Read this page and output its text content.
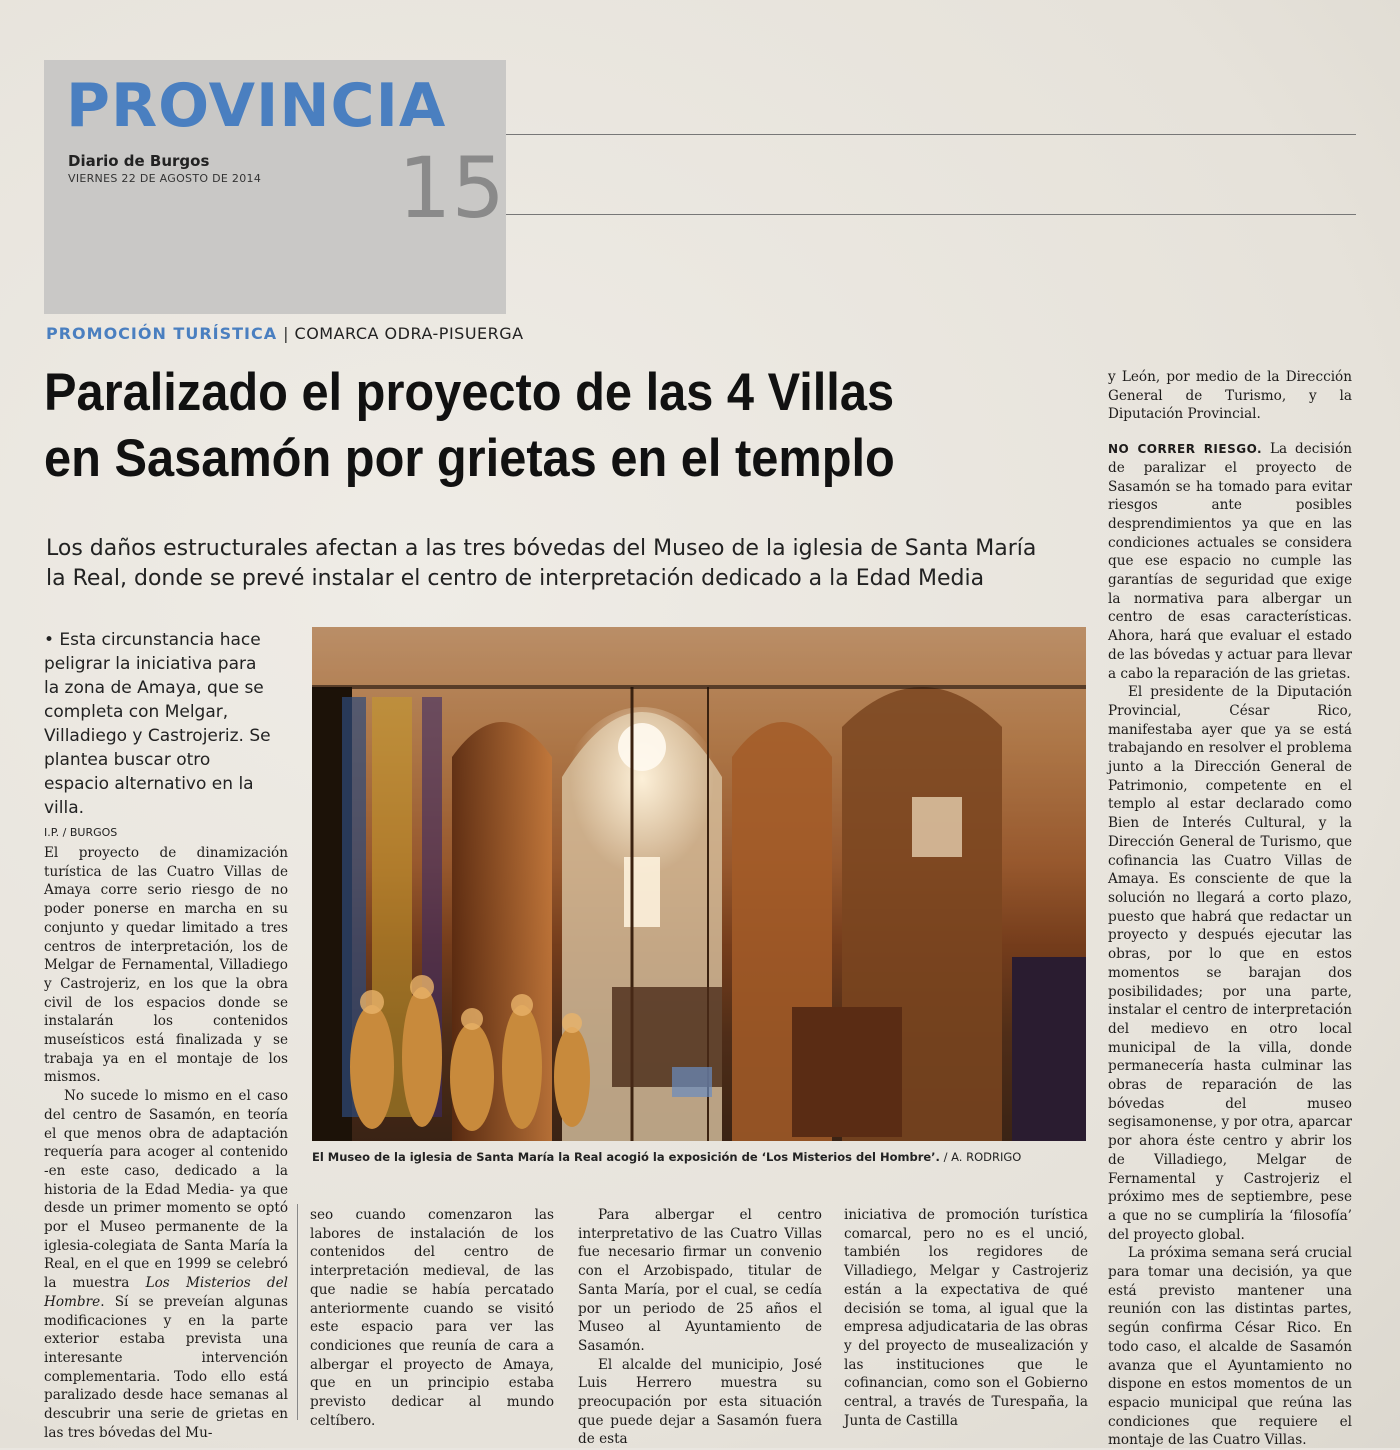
PROVINCIA
Diario de Burgos
VIERNES 22 DE AGOSTO DE 2014 15
PROMOCIÓN TURÍSTICA | COMARCA ODRA-PISUERGA
Paralizado el proyecto de las 4 Villas
en Sasamón por grietas en el templo
Los daños estructurales afectan a las tres bóvedas del Museo de la iglesia de Santa María la Real, donde se prevé instalar el centro de interpretación dedicado a la Edad Media
• Esta circunstancia hace peligrar la iniciativa para la zona de Amaya, que se completa con Melgar, Villadiego y Castrojeriz. Se plantea buscar otro espacio alternativo en la villa.
I.P. / BURGOS

El proyecto de dinamización turística de las Cuatro Villas de Amaya corre serio riesgo de no poder ponerse en marcha en su conjunto y quedar limitado a tres centros de interpretación, los de Melgar de Fernamental, Villadiego y Castrojeriz, en los que la obra civil de los espacios donde se instalarán los contenidos museísticos está finalizada y se trabaja ya en el montaje de los mismos.

No sucede lo mismo en el caso del centro de Sasamón, en teoría el que menos obra de adaptación requería para acoger al contenido -en este caso, dedicado a la historia de la Edad Media- ya que desde un primer momento se optó por el Museo permanente de la iglesia-colegiata de Santa María la Real, en el que en 1999 se celebró la muestra Los Misterios del Hombre. Sí se preveían algunas modificaciones y en la parte exterior estaba prevista una interesante intervención complementaria. Todo ello está paralizado desde hace semanas al descubrir una serie de grietas en las tres bóvedas del Mu-

El Museo de la iglesia de Santa María la Real acogió la exposición de ‘Los Misterios del Hombre’. / A. RODRIGO

seo cuando comenzaron las labores de instalación de los contenidos del centro de interpretación medieval, de las que nadie se había percatado anteriormente cuando se visitó este espacio para ver las condiciones que reunía de cara a albergar el proyecto de Amaya, que en un principio estaba previsto dedicar al mundo celtíbero.

Para albergar el centro interpretativo de las Cuatro Villas fue necesario firmar un convenio con el Arzobispado, titular de Santa María, por el cual, se cedía por un periodo de 25 años el Museo al Ayuntamiento de Sasamón.

El alcalde del municipio, José Luis Herrero muestra su preocupación por esta situación que puede dejar a Sasamón fuera de esta

iniciativa de promoción turística comarcal, pero no es el unció, también los regidores de Villadiego, Melgar y Castrojeriz están a la expectativa de qué decisión se toma, al igual que la empresa adjudicataria de las obras y del proyecto de musealización y las instituciones que le cofinancian, como son el Gobierno central, a través de Turespaña, la Junta de Castilla

y León, por medio de la Dirección General de Turismo, y la Diputación Provincial.

NO CORRER RIESGO. La decisión de paralizar el proyecto de Sasamón se ha tomado para evitar riesgos ante posibles desprendimientos ya que en las condiciones actuales se considera que ese espacio no cumple las garantías de seguridad que exige la normativa para albergar un centro de esas características. Ahora, hará que evaluar el estado de las bóvedas y actuar para llevar a cabo la reparación de las grietas.

El presidente de la Diputación Provincial, César Rico, manifestaba ayer que ya se está trabajando en resolver el problema junto a la Dirección General de Patrimonio, competente en el templo al estar declarado como Bien de Interés Cultural, y la Dirección General de Turismo, que cofinancia las Cuatro Villas de Amaya. Es consciente de que la solución no llegará a corto plazo, puesto que habrá que redactar un proyecto y después ejecutar las obras, por lo que en estos momentos se barajan dos posibilidades; por una parte, instalar el centro de interpretación del medievo en otro local municipal de la villa, donde permanecería hasta culminar las obras de reparación de las bóvedas del museo segisamonense, y por otra, aparcar por ahora éste centro y abrir los de Villadiego, Melgar de Fernamental y Castrojeriz el próximo mes de septiembre, pese a que no se cumpliría la ‘filosofía’ del proyecto global.

La próxima semana será crucial para tomar una decisión, ya que está previsto mantener una reunión con las distintas partes, según confirma César Rico. En todo caso, el alcalde de Sasamón avanza que el Ayuntamiento no dispone en estos momentos de un espacio municipal que reúna las condiciones que requiere el montaje de las Cuatro Villas.
